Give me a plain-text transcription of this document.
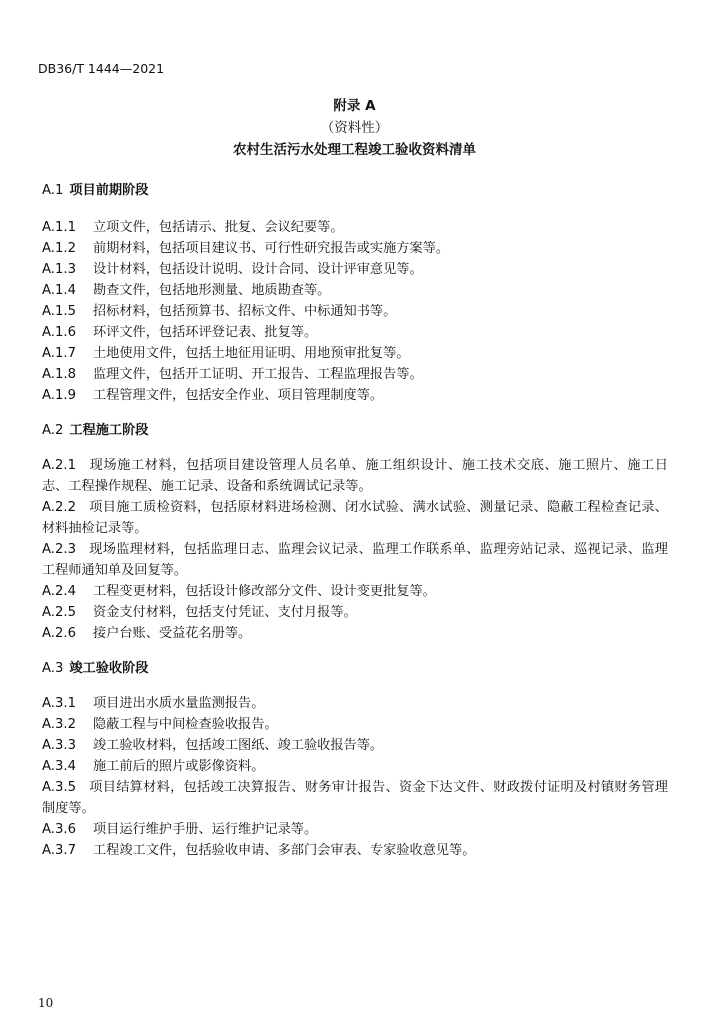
DB36/T 1444—2021
附录 A
（资料性）
农村生活污水处理工程竣工验收资料清单

A.1 项目前期阶段

A.1.1 立项文件，包括请示、批复、会议纪要等。

A.1.2 前期材料，包括项目建议书、可行性研究报告或实施方案等。

A.1.3 设计材料，包括设计说明、设计合同、设计评审意见等。

A.1.4 勘查文件，包括地形测量、地质勘查等。

A.1.5 招标材料，包括预算书、招标文件、中标通知书等。

A.1.6 环评文件，包括环评登记表、批复等。

A.1.7 土地使用文件，包括土地征用证明、用地预审批复等。

A.1.8 监理文件，包括开工证明、开工报告、工程监理报告等。

A.1.9 工程管理文件，包括安全作业、项目管理制度等。

A.2 工程施工阶段

A.2.1 现场施工材料，包括项目建设管理人员名单、施工组织设计、施工技术交底、施工照片、施工日志、工程操作规程、施工记录、设备和系统调试记录等。

A.2.2 项目施工质检资料，包括原材料进场检测、闭水试验、满水试验、测量记录、隐蔽工程检查记录、材料抽检记录等。

A.2.3 现场监理材料，包括监理日志、监理会议记录、监理工作联系单、监理旁站记录、巡视记录、监理工程师通知单及回复等。

A.2.4 工程变更材料，包括设计修改部分文件、设计变更批复等。

A.2.5 资金支付材料，包括支付凭证、支付月报等。

A.2.6 接户台账、受益花名册等。

A.3 竣工验收阶段

A.3.1 项目进出水质水量监测报告。

A.3.2 隐蔽工程与中间检查验收报告。

A.3.3 竣工验收材料，包括竣工图纸、竣工验收报告等。

A.3.4 施工前后的照片或影像资料。

A.3.5 项目结算材料，包括竣工决算报告、财务审计报告、资金下达文件、财政拨付证明及村镇财务管理制度等。

A.3.6 项目运行维护手册、运行维护记录等。

A.3.7 工程竣工文件，包括验收申请、多部门会审表、专家验收意见等。

10
